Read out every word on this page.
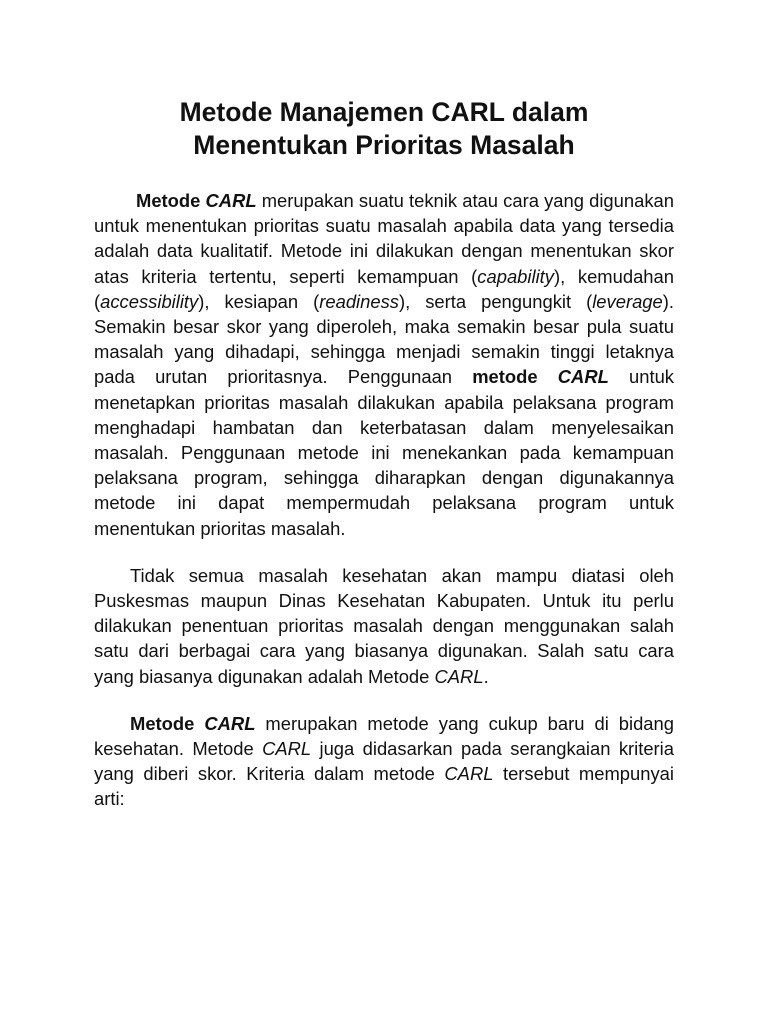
Metode Manajemen CARL dalam
Menentukan Prioritas Masalah

Metode CARL merupakan suatu teknik atau cara yang digunakan untuk menentukan prioritas suatu masalah apabila data yang tersedia adalah data kualitatif. Metode ini dilakukan dengan menentukan skor atas kriteria tertentu, seperti kemampuan (capability), kemudahan (accessibility), kesiapan (readiness), serta pengungkit (leverage). Semakin besar skor yang diperoleh, maka semakin besar pula suatu masalah yang dihadapi, sehingga menjadi semakin tinggi letaknya pada urutan prioritasnya. Penggunaan metode CARL untuk menetapkan prioritas masalah dilakukan apabila pelaksana program menghadapi hambatan dan keterbatasan dalam menyelesaikan masalah. Penggunaan metode ini menekankan pada kemampuan pelaksana program, sehingga diharapkan dengan digunakannya metode ini dapat mempermudah pelaksana program untuk menentukan prioritas masalah.

Tidak semua masalah kesehatan akan mampu diatasi oleh Puskesmas maupun Dinas Kesehatan Kabupaten. Untuk itu perlu dilakukan penentuan prioritas masalah dengan menggunakan salah satu dari berbagai cara yang biasanya digunakan. Salah satu cara yang biasanya digunakan adalah Metode CARL.

Metode CARL merupakan metode yang cukup baru di bidang kesehatan. Metode CARL juga didasarkan pada serangkaian kriteria yang diberi skor. Kriteria dalam metode CARL tersebut mempunyai arti:
